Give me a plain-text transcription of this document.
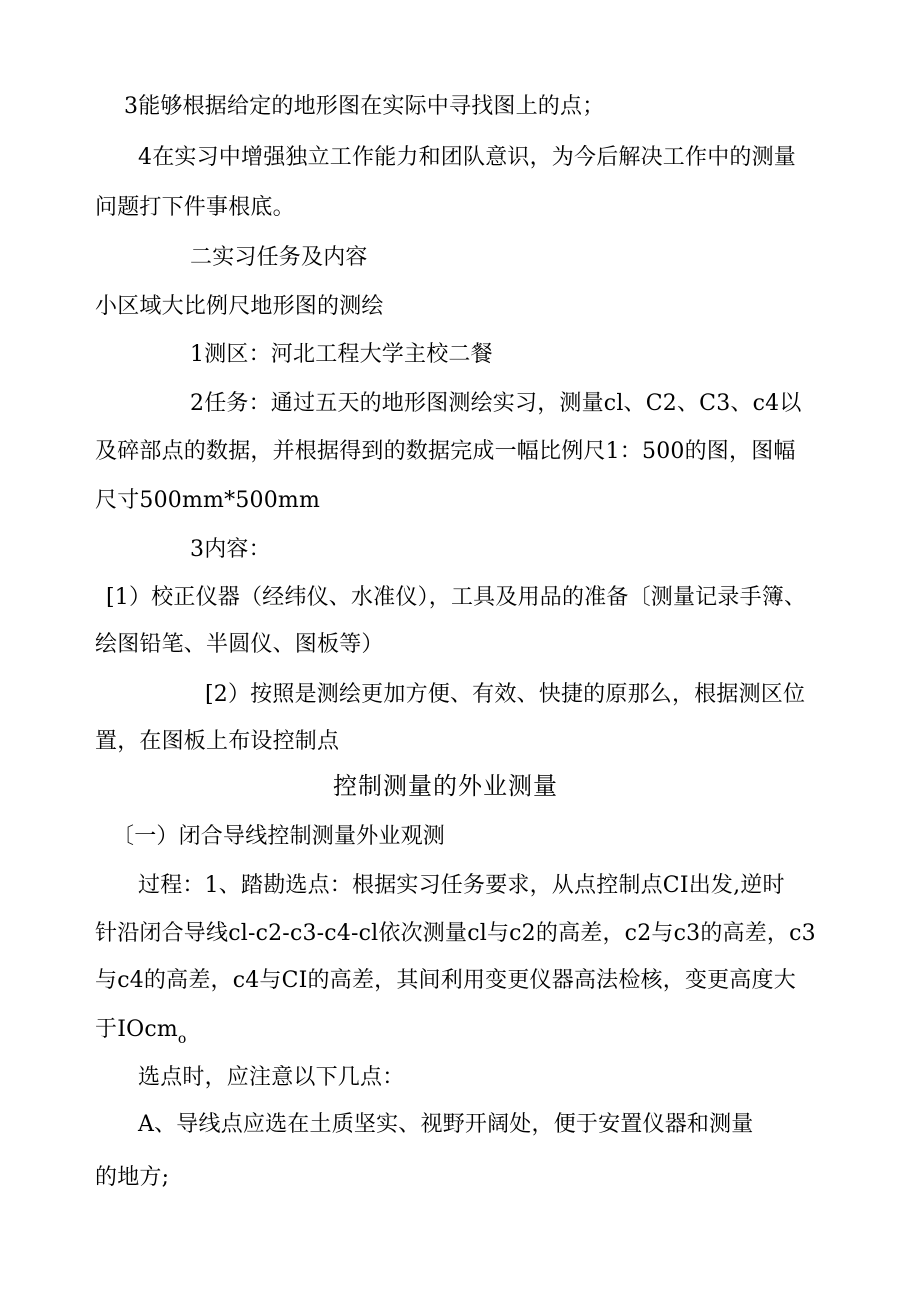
3能够根据给定的地形图在实际中寻找图上的点；
4在实习中增强独立工作能力和团队意识，为今后解决工作中的测量
问题打下件事根底。
二实习任务及内容
小区域大比例尺地形图的测绘
1测区：河北工程大学主校二餐
2任务：通过五天的地形图测绘实习，测量cl、C2、C3、c4以
及碎部点的数据，并根据得到的数据完成一幅比例尺1：500的图，图幅
尺寸500mm*500mm
3内容：
[1）校正仪器（经纬仪、水准仪），工具及用品的准备〔测量记录手簿、
绘图铅笔、半圆仪、图板等）
[2）按照是测绘更加方便、有效、快捷的原那么，根据测区位
置，在图板上布设控制点
控制测量的外业测量
〔一）闭合导线控制测量外业观测
过程：1、踏勘选点：根据实习任务要求，从点控制点CI出发,逆时
针沿闭合导线cl-c2-c3-c4-cl依次测量cl与c2的高差，c2与c3的高差，c3
与c4的高差，c4与CI的高差，其间利用变更仪器高法检核，变更高度大
于IOcm$_o$
选点时，应注意以下几点：
A、导线点应选在土质坚实、视野开阔处，便于安置仪器和测量
的地方;
